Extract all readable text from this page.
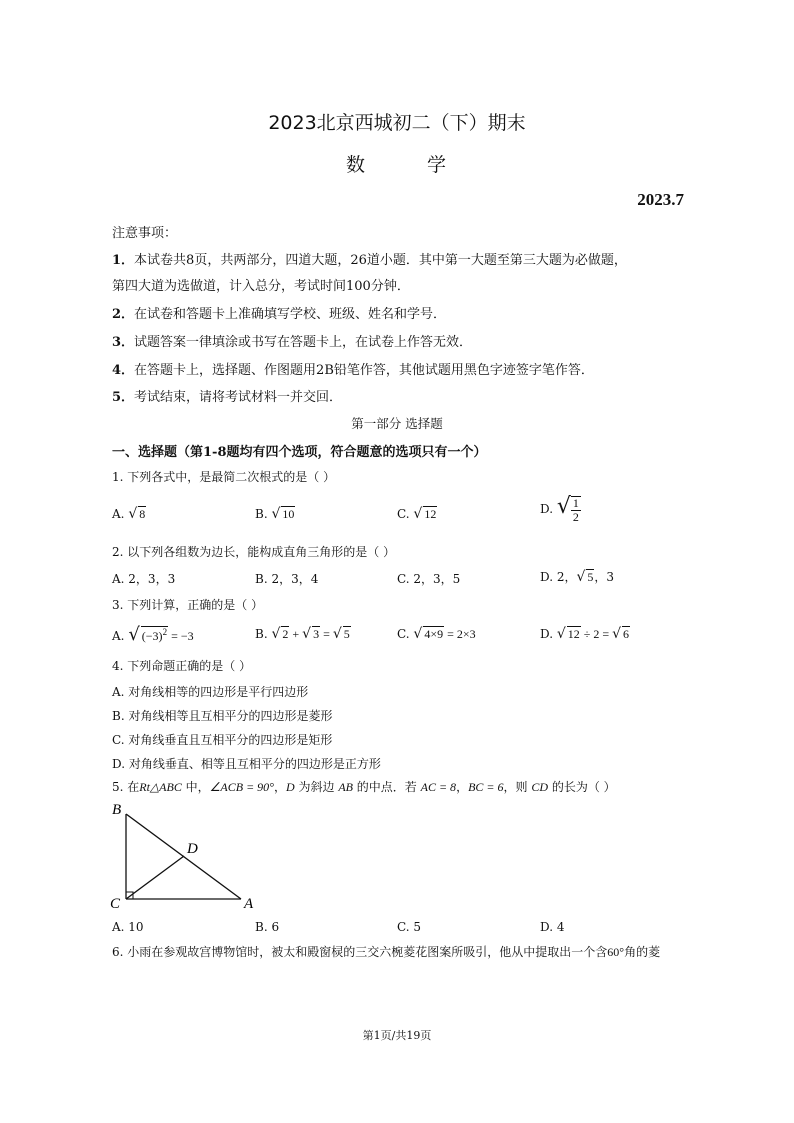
2023北京西城初二（下）期末
数	学
2023.7
注意事项：
1．本试卷共8页，共两部分，四道大题，26道小题．其中第一大题至第三大题为必做题，
第四大道为选做道，计入总分，考试时间100分钟．
2．在试卷和答题卡上准确填写学校、班级、姓名和学号．
3．试题答案一律填涂或书写在答题卡上，在试卷上作答无效．
4．在答题卡上，选择题、作图题用2B铅笔作答，其他试题用黑色字迹签字笔作答．
5．考试结束，请将考试材料一并交回．
第一部分 选择题
一、选择题（第1-8题均有四个选项，符合题意的选项只有一个）
1. 下列各式中，是最简二次根式的是（ ）
A. √ 8	B. √ 10	C. √ 12	D. √ $\frac{1}{2}$
2. 以下列各组数为边长，能构成直角三角形的是（ ）
A. 2，3，3	B. 2，3，4	C. 2，3，5	D. 2，√ 5，3
3. 下列计算，正确的是（ ）
A. √ $(-3)^2 = -3$	B. √ 2 + √ 3 = √ 5	C. √ 4×9 = 2×3	D. √ 12 ÷ 2 = √ 6
4. 下列命题正确的是（ ）
A. 对角线相等的四边形是平行四边形
B. 对角线相等且互相平分的四边形是菱形
C. 对角线垂直且互相平分的四边形是矩形
D. 对角线垂直、相等且互相平分的四边形是正方形
5. 在Rt△ABC 中，∠ACB = 90°，D 为斜边 AB 的中点．若 AC = 8，BC = 6，则 CD 的长为（ ）
B
C	A
D
A. 10	B. 6	C. 5	D. 4
6. 小雨在参观故宫博物馆时，被太和殿窗棂的三交六椀菱花图案所吸引，他从中提取出一个含60°角的菱
第1页/共19页
